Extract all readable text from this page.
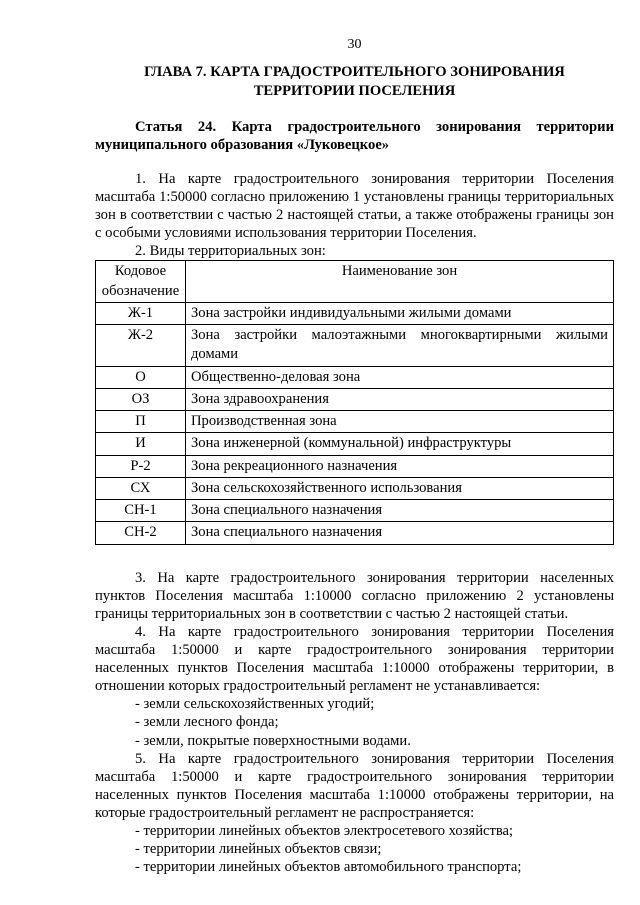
30
ГЛАВА 7. КАРТА ГРАДОСТРОИТЕЛЬНОГО ЗОНИРОВАНИЯ ТЕРРИТОРИИ ПОСЕЛЕНИЯ

Статья 24. Карта градостроительного зонирования территории муниципального образования «Луковецкое»

1. На карте градостроительного зонирования территории Поселения масштаба 1:50000 согласно приложению 1 установлены границы территориальных зон в соответствии с частью 2 настоящей статьи, а также отображены границы зон с особыми условиями использования территории Поселения.

2. Виды территориальных зон:

Кодовое обозначение	Наименование зон
Ж-1	Зона застройки индивидуальными жилыми домами
Ж-2	Зона застройки малоэтажными многоквартирными жилыми домами
О	Общественно-деловая зона
ОЗ	Зона здравоохранения
П	Производственная зона
И	Зона инженерной (коммунальной) инфраструктуры
Р-2	Зона рекреационного назначения
СХ	Зона сельскохозяйственного использования
СН-1	Зона специального назначения
СН-2	Зона специального назначения

3. На карте градостроительного зонирования территории населенных пунктов Поселения масштаба 1:10000 согласно приложению 2 установлены границы территориальных зон в соответствии с частью 2 настоящей статьи.

4. На карте градостроительного зонирования территории Поселения масштаба 1:50000 и карте градостроительного зонирования территории населенных пунктов Поселения масштаба 1:10000 отображены территории, в отношении которых градостроительный регламент не устанавливается:

- земли сельскохозяйственных угодий;

- земли лесного фонда;

- земли, покрытые поверхностными водами.

5. На карте градостроительного зонирования территории Поселения масштаба 1:50000 и карте градостроительного зонирования территории населенных пунктов Поселения масштаба 1:10000 отображены территории, на которые градостроительный регламент не распространяется:

- территории линейных объектов электросетевого хозяйства;

- территории линейных объектов связи;

- территории линейных объектов автомобильного транспорта;
